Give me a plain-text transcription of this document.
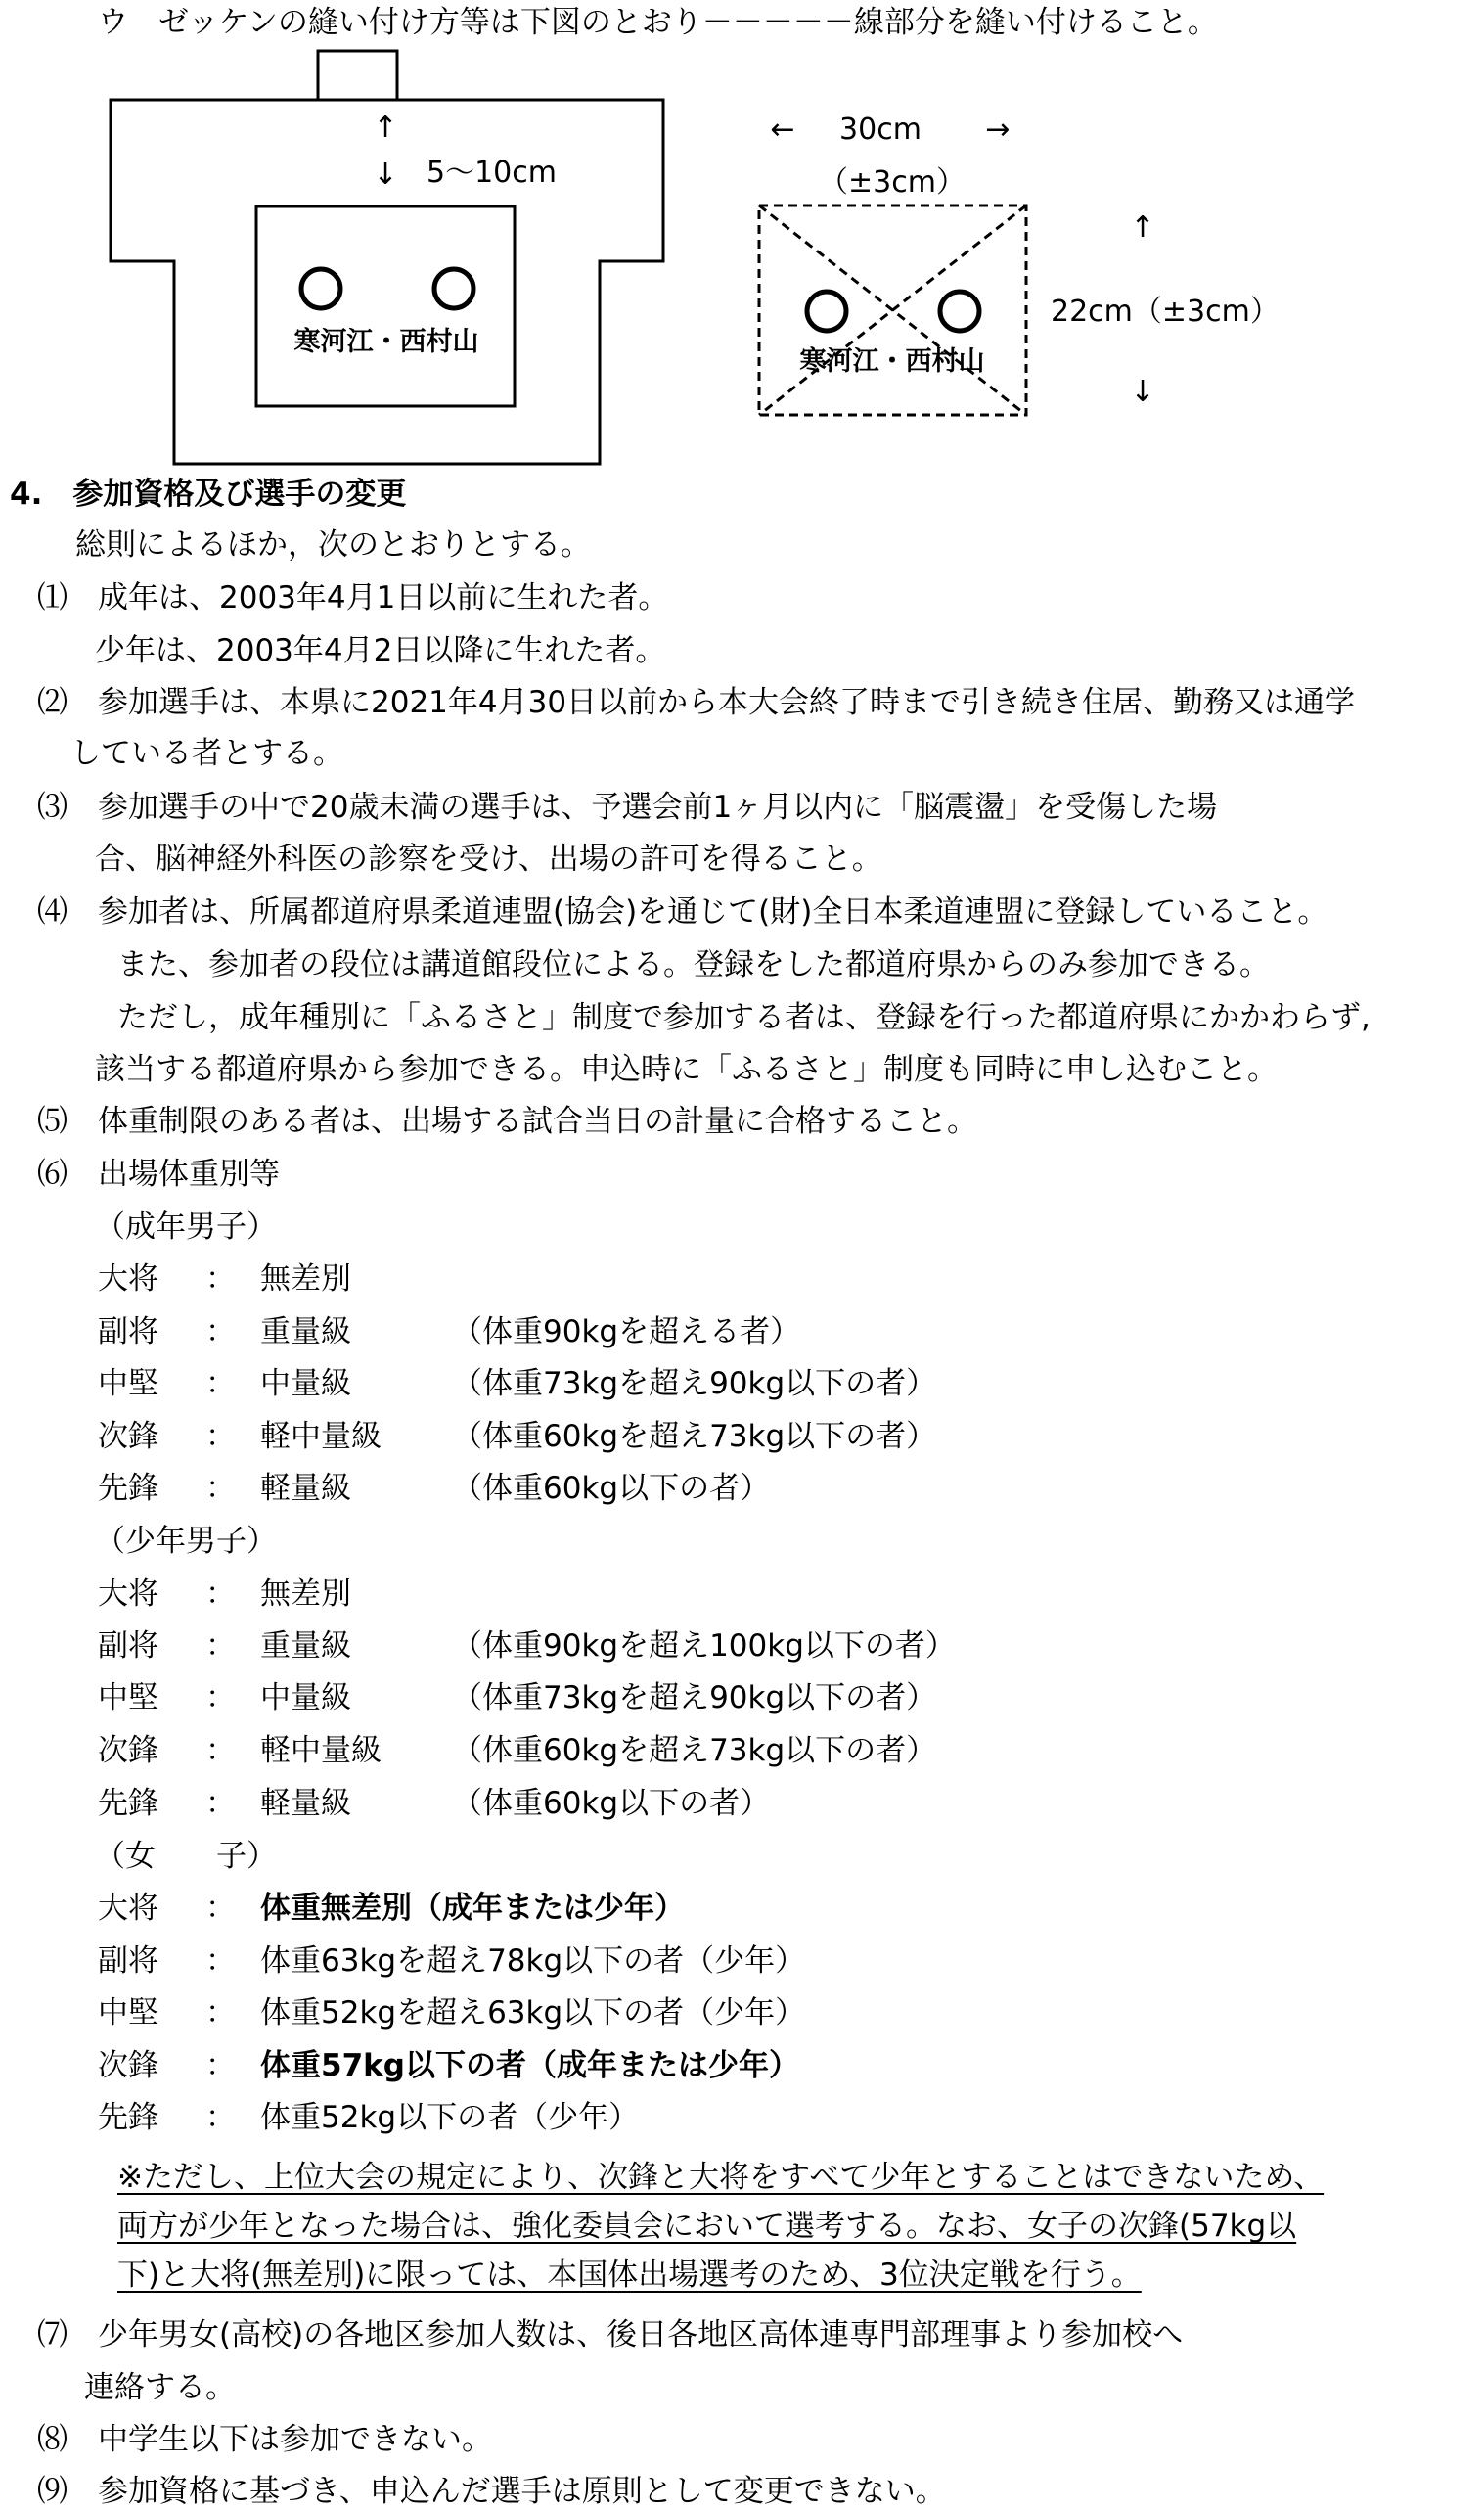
寒河江・西村山
↑
↓ 5～10cm
寒河江・西村山
← 30cm →
（±3cm）
↑
22cm（±3cm）
↓
ウ　ゼッケンの縫い付け方等は下図のとおり－－－－－線部分を縫い付けること。
4.　参加資格及び選手の変更
総則によるほか，次のとおりとする。
⑴　成年は、2003年4月1日以前に生れた者。
少年は、2003年4月2日以降に生れた者。
⑵　参加選手は、本県に2021年4月30日以前から本大会終了時まで引き続き住居、勤務又は通学
している者とする。
⑶　参加選手の中で20歳未満の選手は、予選会前1ヶ月以内に「脳震盪」を受傷した場
合、脳神経外科医の診察を受け、出場の許可を得ること。
⑷　参加者は、所属都道府県柔道連盟(協会)を通じて(財)全日本柔道連盟に登録していること。
また、参加者の段位は講道館段位による。登録をした都道府県からのみ参加できる。
ただし，成年種別に「ふるさと」制度で参加する者は、登録を行った都道府県にかかわらず,
該当する都道府県から参加できる。申込時に「ふるさと」制度も同時に申し込むこと。
⑸　体重制限のある者は、出場する試合当日の計量に合格すること。
⑹　出場体重別等
（成年男子）
大将 ： 無差別
副将 ： 重量級	（体重90kgを超える者）
中堅 ： 中量級	（体重73kgを超え90kg以下の者）
次鋒 ： 軽中量級 （体重60kgを超え73kg以下の者）
先鋒 ： 軽量級	（体重60kg以下の者）
（少年男子）
大将 ： 無差別
副将 ： 重量級	（体重90kgを超え100kg以下の者）
中堅 ： 中量級	（体重73kgを超え90kg以下の者）
次鋒 ： 軽中量級 （体重60kgを超え73kg以下の者）
先鋒 ： 軽量級	（体重60kg以下の者）
（女　　子）
大将 ： 体重無差別（成年または少年）
副将 ： 体重63kgを超え78kg以下の者（少年）
中堅 ： 体重52kgを超え63kg以下の者（少年）
次鋒 ： 体重57kg以下の者（成年または少年）
先鋒 ： 体重52kg以下の者（少年）
※ただし、上位大会の規定により、次鋒と大将をすべて少年とすることはできないため、
両方が少年となった場合は、強化委員会において選考する。なお、女子の次鋒(57kg以
下)と大将(無差別)に限っては、本国体出場選考のため、3位決定戦を行う。
⑺　少年男女(高校)の各地区参加人数は、後日各地区高体連専門部理事より参加校へ
連絡する。
⑻　中学生以下は参加できない。
⑼　参加資格に基づき、申込んだ選手は原則として変更できない。
